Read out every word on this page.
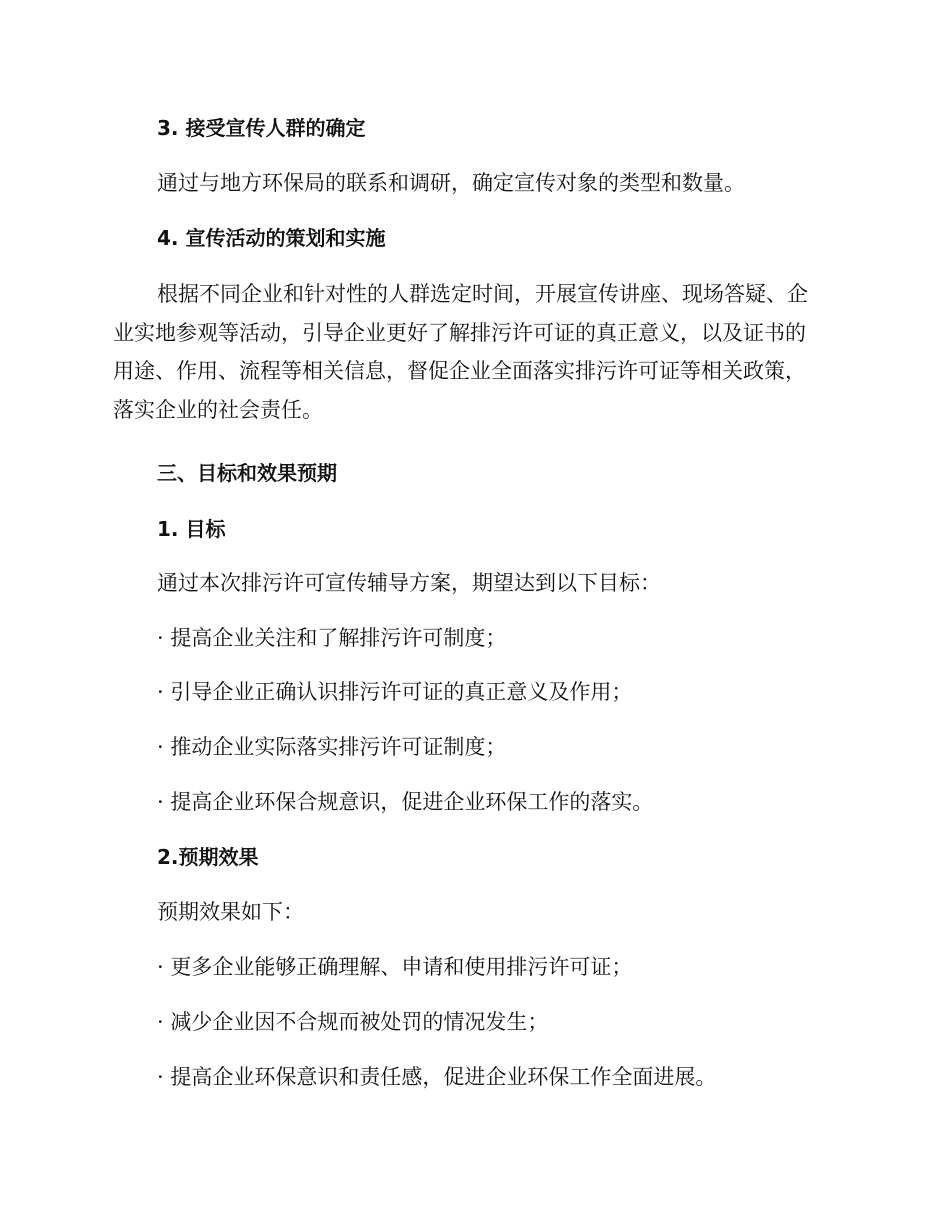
3. 接受宣传人群的确定
通过与地方环保局的联系和调研，确定宣传对象的类型和数量。
4. 宣传活动的策划和实施
根据不同企业和针对性的人群选定时间，开展宣传讲座、现场答疑、企
业实地参观等活动，引导企业更好了解排污许可证的真正意义，以及证书的
用途、作用、流程等相关信息，督促企业全面落实排污许可证等相关政策，
落实企业的社会责任。
三、目标和效果预期
1. 目标
通过本次排污许可宣传辅导方案，期望达到以下目标：
· 提高企业关注和了解排污许可制度；
· 引导企业正确认识排污许可证的真正意义及作用；
· 推动企业实际落实排污许可证制度；
· 提高企业环保合规意识，促进企业环保工作的落实。
2.预期效果
预期效果如下：
· 更多企业能够正确理解、申请和使用排污许可证；
· 减少企业因不合规而被处罚的情况发生；
· 提高企业环保意识和责任感，促进企业环保工作全面进展。
